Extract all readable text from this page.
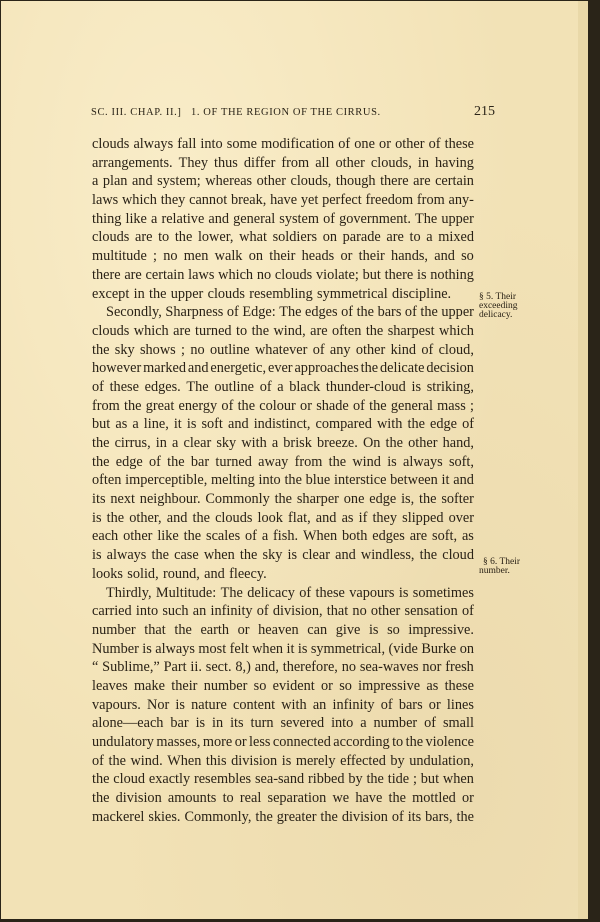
SC. III. CHAP. II.] 1. OF THE REGION OF THE CIRRUS.	215
clouds always fall into some modification of one or other of these
arrangements. They thus differ from all other clouds, in having
a plan and system; whereas other clouds, though there are certain
laws which they cannot break, have yet perfect freedom from any-
thing like a relative and general system of government. The upper
clouds are to the lower, what soldiers on parade are to a mixed
multitude ; no men walk on their heads or their hands, and so
there are certain laws which no clouds violate; but there is nothing
except in the upper clouds resembling symmetrical discipline.
Secondly, Sharpness of Edge: The edges of the bars of the upper
clouds which are turned to the wind, are often the sharpest which
the sky shows ; no outline whatever of any other kind of cloud,
however marked and energetic, ever approaches the delicate decision
of these edges. The outline of a black thunder-cloud is striking,
from the great energy of the colour or shade of the general mass ;
but as a line, it is soft and indistinct, compared with the edge of
the cirrus, in a clear sky with a brisk breeze. On the other hand,
the edge of the bar turned away from the wind is always soft,
often imperceptible, melting into the blue interstice between it and
its next neighbour. Commonly the sharper one edge is, the softer
is the other, and the clouds look flat, and as if they slipped over
each other like the scales of a fish. When both edges are soft, as
is always the case when the sky is clear and windless, the cloud
looks solid, round, and fleecy.
Thirdly, Multitude: The delicacy of these vapours is sometimes
carried into such an infinity of division, that no other sensation of
number that the earth or heaven can give is so impressive.
Number is always most felt when it is symmetrical, (vide Burke on
“ Sublime,” Part ii. sect. 8,) and, therefore, no sea-waves nor fresh
leaves make their number so evident or so impressive as these
vapours. Nor is nature content with an infinity of bars or lines
alone—each bar is in its turn severed into a number of small
undulatory masses, more or less connected according to the violence
of the wind. When this division is merely effected by undulation,
the cloud exactly resembles sea-sand ribbed by the tide ; but when
the division amounts to real separation we have the mottled or
mackerel skies. Commonly, the greater the division of its bars, the
§ 5. Their
exceeding
delicacy.
§ 6. Their
number.
